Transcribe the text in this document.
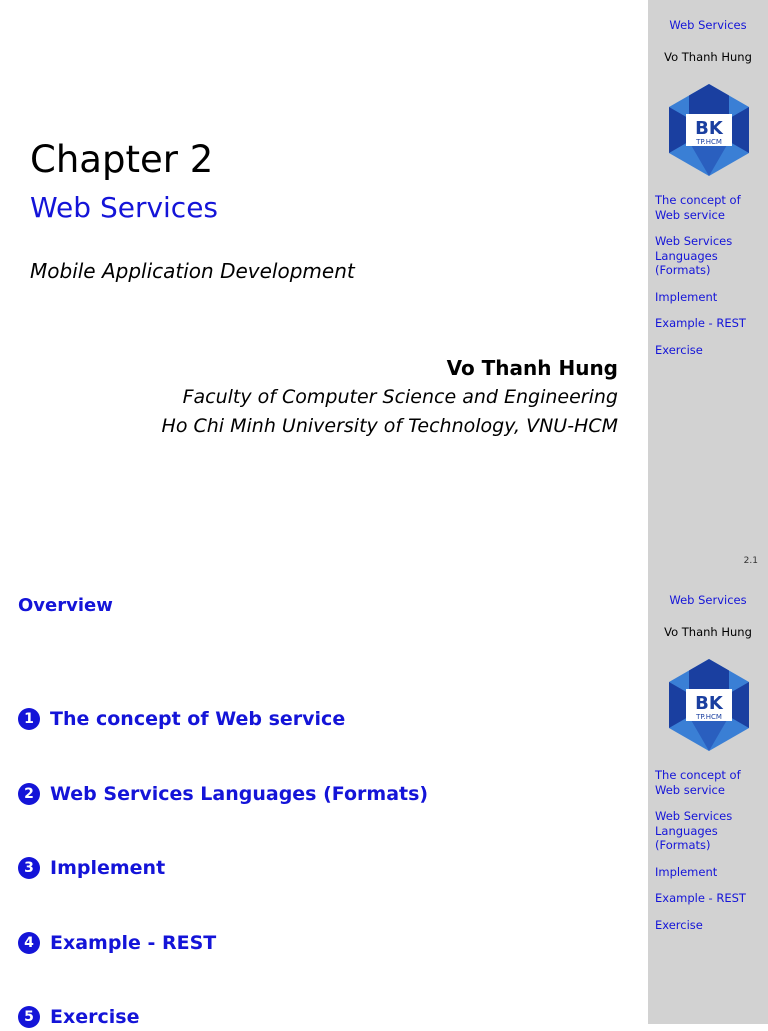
Chapter 2
Web Services
Mobile Application Development
Vo Thanh Hung
Faculty of Computer Science and Engineering
Ho Chi Minh University of Technology, VNU-HCM
Overview
1 The concept of Web service
2 Web Services Languages (Formats)
3 Implement
4 Example - REST
5 Exercise
2.1
Web Services
Vo Thanh Hung
BK
TP.HCM
The concept of Web service
Web Services Languages (Formats)
Implement
Example - REST
Exercise
Web Services
Vo Thanh Hung
BK
TP.HCM
The concept of Web service
Web Services Languages (Formats)
Implement
Example - REST
Exercise
